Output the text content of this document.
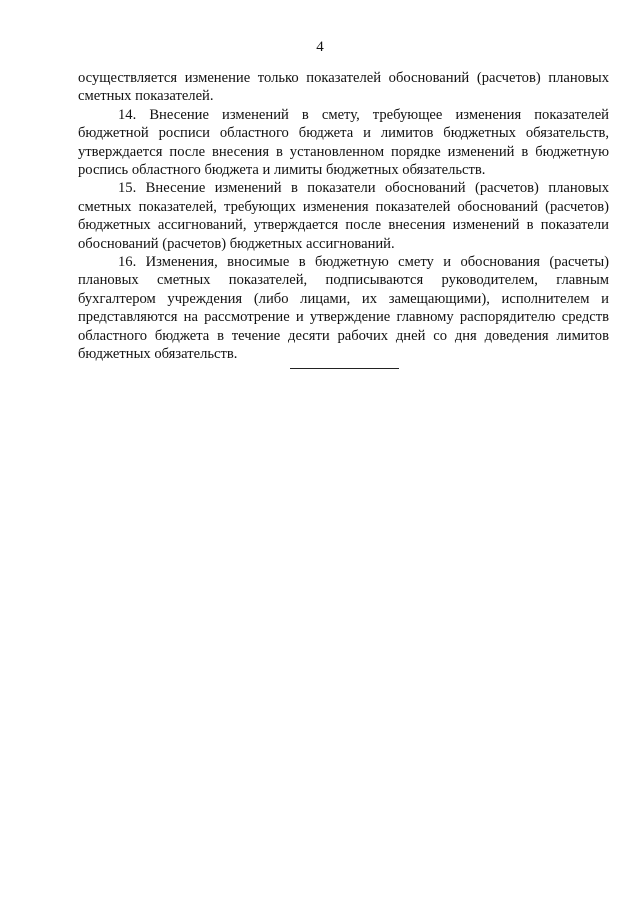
4

осуществляется изменение только показателей обоснований (расчетов) плановых сметных показателей.

14. Внесение изменений в смету, требующее изменения показателей бюджетной росписи областного бюджета и лимитов бюджетных обязательств, утверждается после внесения в установленном порядке изменений в бюджетную роспись областного бюджета и лимиты бюджетных обязательств.

15. Внесение изменений в показатели обоснований (расчетов) плановых сметных показателей, требующих изменения показателей обоснований (расчетов) бюджетных ассигнований, утверждается после внесения изменений в показатели обоснований (расчетов) бюджетных ассигнований.

16. Изменения, вносимые в бюджетную смету и обоснования (расчеты) плановых сметных показателей, подписываются руководителем, главным бухгалтером учреждения (либо лицами, их замещающими), исполнителем и представляются на рассмотрение и утверждение главному распорядителю средств областного бюджета в течение десяти рабочих дней со дня доведения лимитов бюджетных обязательств.
